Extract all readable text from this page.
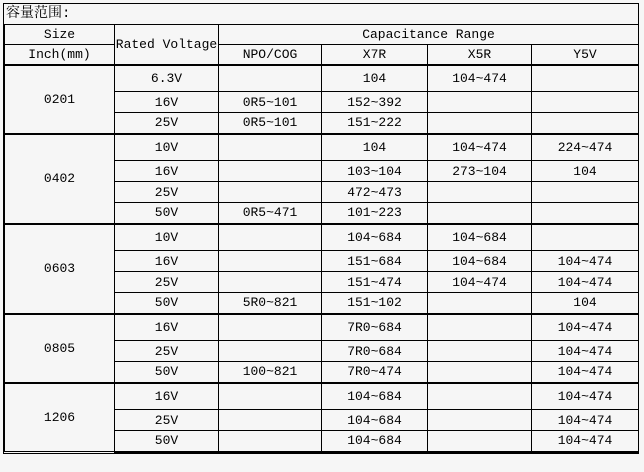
容量范围:
Size	Rated Voltage	Capacitance Range			
Inch(mm)		NPO/COG	X7R	X5R	Y5V
0201	6.3V		104	104~474	
	16V	0R5~101	152~392		
	25V	0R5~101	151~222		
0402	10V		104	104~474	224~474
	16V		103~104	273~104	104
	25V		472~473		
	50V	0R5~471	101~223		
0603	10V		104~684	104~684	
	16V		151~684	104~684	104~474
	25V		151~474	104~474	104~474
	50V	5R0~821	151~102		104
0805	16V		7R0~684		104~474
	25V		7R0~684		104~474
	50V	100~821	7R0~474		104~474
1206	16V		104~684		104~474
	25V		104~684		104~474
	50V		104~684		104~474
